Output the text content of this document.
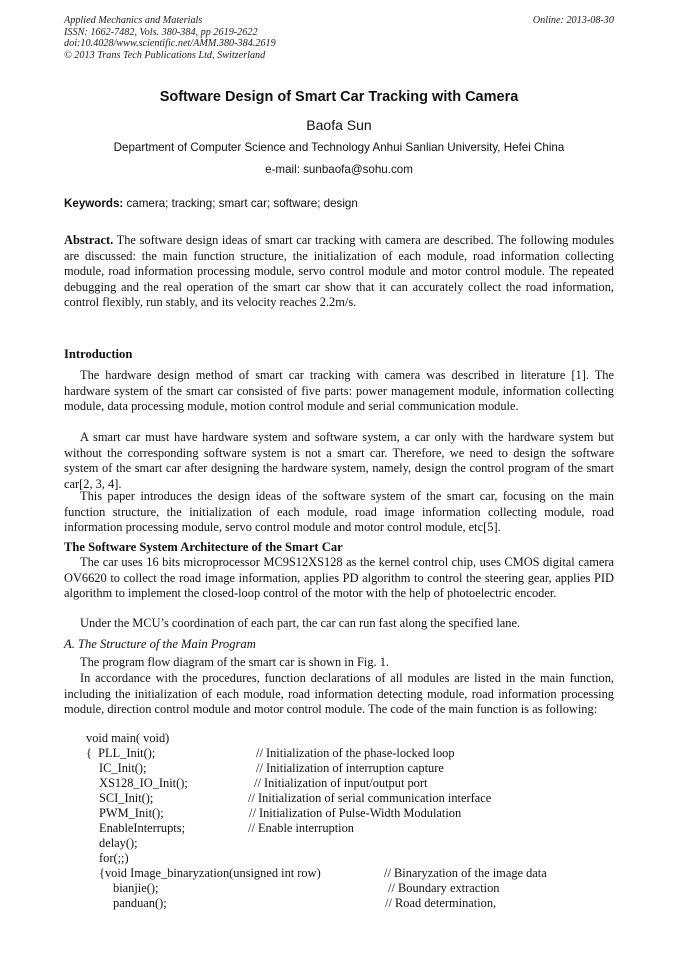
Applied Mechanics and Materials
ISSN: 1662-7482, Vols. 380-384, pp 2619-2622
doi:10.4028/www.scientific.net/AMM.380-384.2619
© 2013 Trans Tech Publications Ltd, Switzerland
Online: 2013-08-30
Software Design of Smart Car Tracking with Camera
Baofa Sun
Department of Computer Science and Technology Anhui Sanlian University, Hefei China
e-mail: sunbaofa@sohu.com
Keywords: camera; tracking; smart car; software; design
Abstract. The software design ideas of smart car tracking with camera are described. The following modules are discussed: the main function structure, the initialization of each module, road information collecting module, road information processing module, servo control module and motor control module. The repeated debugging and the real operation of the smart car show that it can accurately collect the road information, control flexibly, run stably, and its velocity reaches 2.2m/s.
Introduction
The hardware design method of smart car tracking with camera was described in literature [1]. The hardware system of the smart car consisted of five parts: power management module, information collecting module, data processing module, motion control module and serial communication module.
A smart car must have hardware system and software system, a car only with the hardware system but without the corresponding software system is not a smart car. Therefore, we need to design the software system of the smart car after designing the hardware system, namely, design the control program of the smart car[2, 3, 4].
This paper introduces the design ideas of the software system of the smart car, focusing on the main function structure, the initialization of each module, road image information collecting module, road information processing module, servo control module and motor control module, etc[5].
The Software System Architecture of the Smart Car
The car uses 16 bits microprocessor MC9S12XS128 as the kernel control chip, uses CMOS digital camera OV6620 to collect the road image information, applies PD algorithm to control the steering gear, applies PID algorithm to implement the closed-loop control of the motor with the help of photoelectric encoder.
Under the MCU’s coordination of each part, the car can run fast along the specified lane.
A. The Structure of the Main Program
The program flow diagram of the smart car is shown in Fig. 1.
In accordance with the procedures, function declarations of all modules are listed in the main function, including the initialization of each module, road information detecting module, road information processing module, direction control module and motor control module. The code of the main function is as following:
void main( void)
{  PLL_Init();	// Initialization of the phase-locked loop
IC_Init();	// Initialization of interruption capture
XS128_IO_Init();	// Initialization of input/output port
SCI_Init();	// Initialization of serial communication interface
PWM_Init();	// Initialization of Pulse-Width Modulation
EnableInterrupts;	// Enable interruption
delay();
for(;;)
{void Image_binaryzation(unsigned int row)	// Binaryzation of the image data
bianjie();	// Boundary extraction
panduan();	// Road determination,
